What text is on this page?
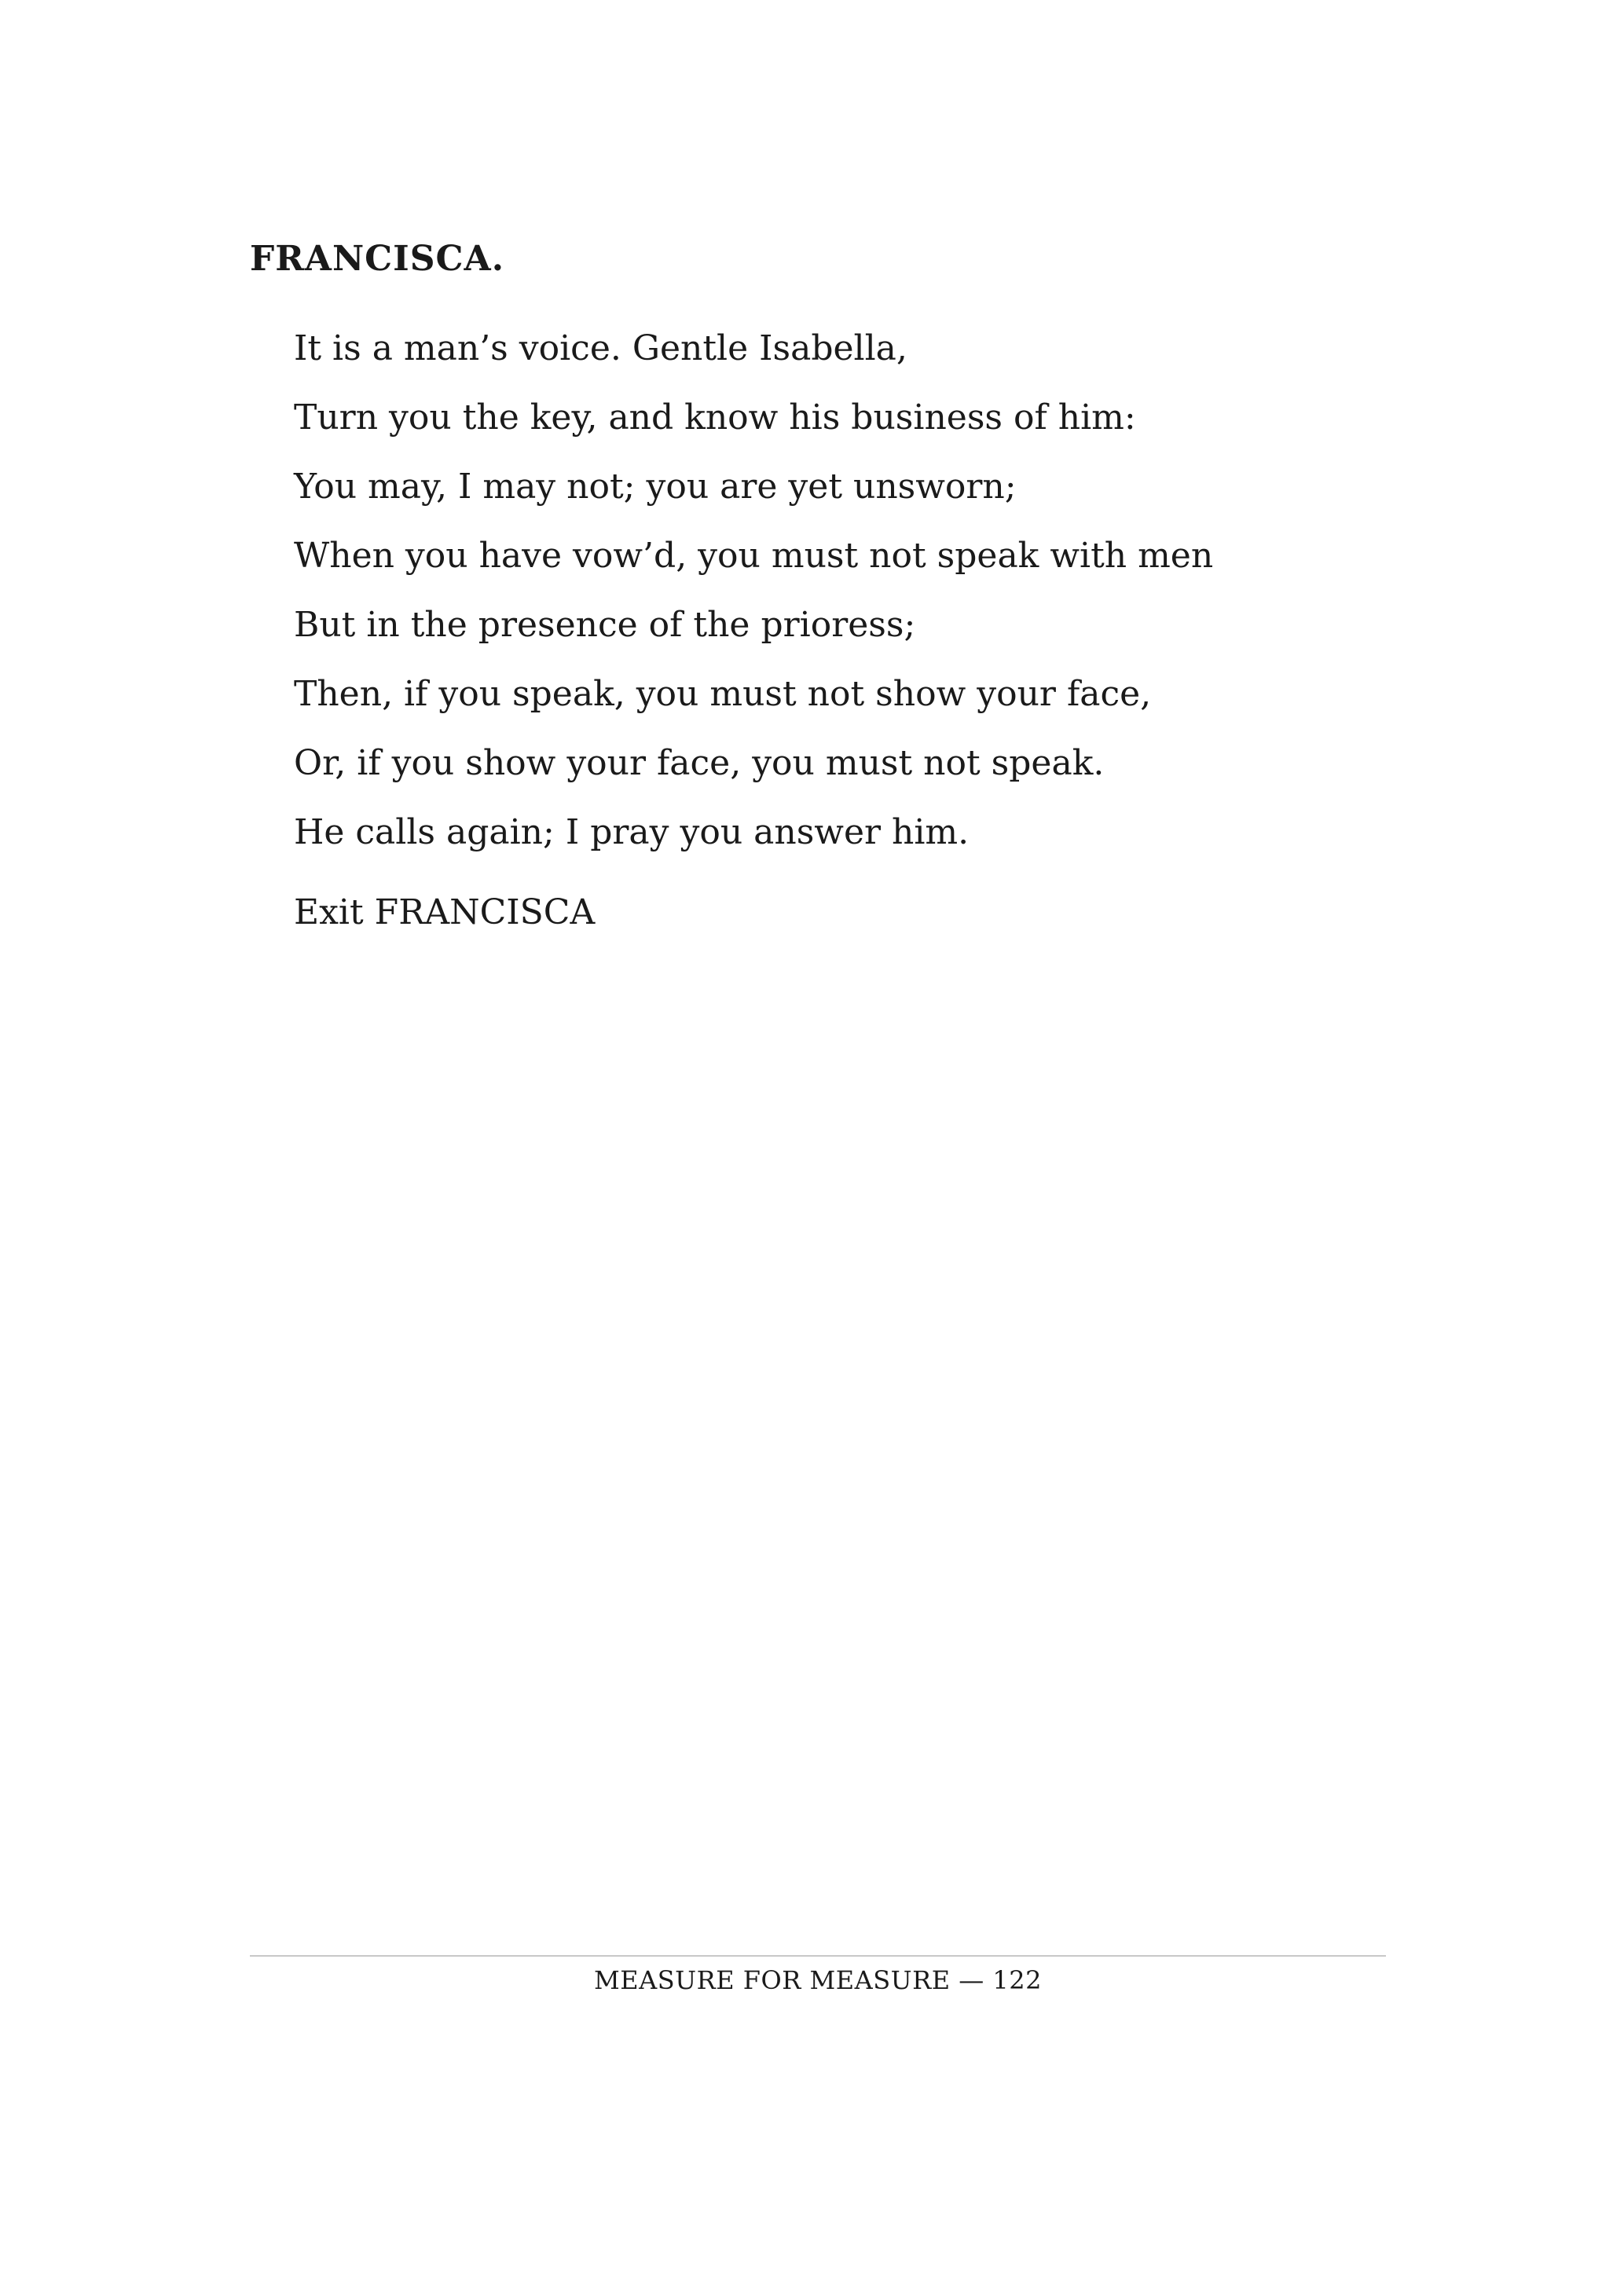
FRANCISCA.
It is a man’s voice. Gentle Isabella,
Turn you the key, and know his business of him:
You may, I may not; you are yet unsworn;
When you have vow’d, you must not speak with men
But in the presence of the prioress;
Then, if you speak, you must not show your face,
Or, if you show your face, you must not speak.
He calls again; I pray you answer him.
Exit FRANCISCA
MEASURE FOR MEASURE — 122
